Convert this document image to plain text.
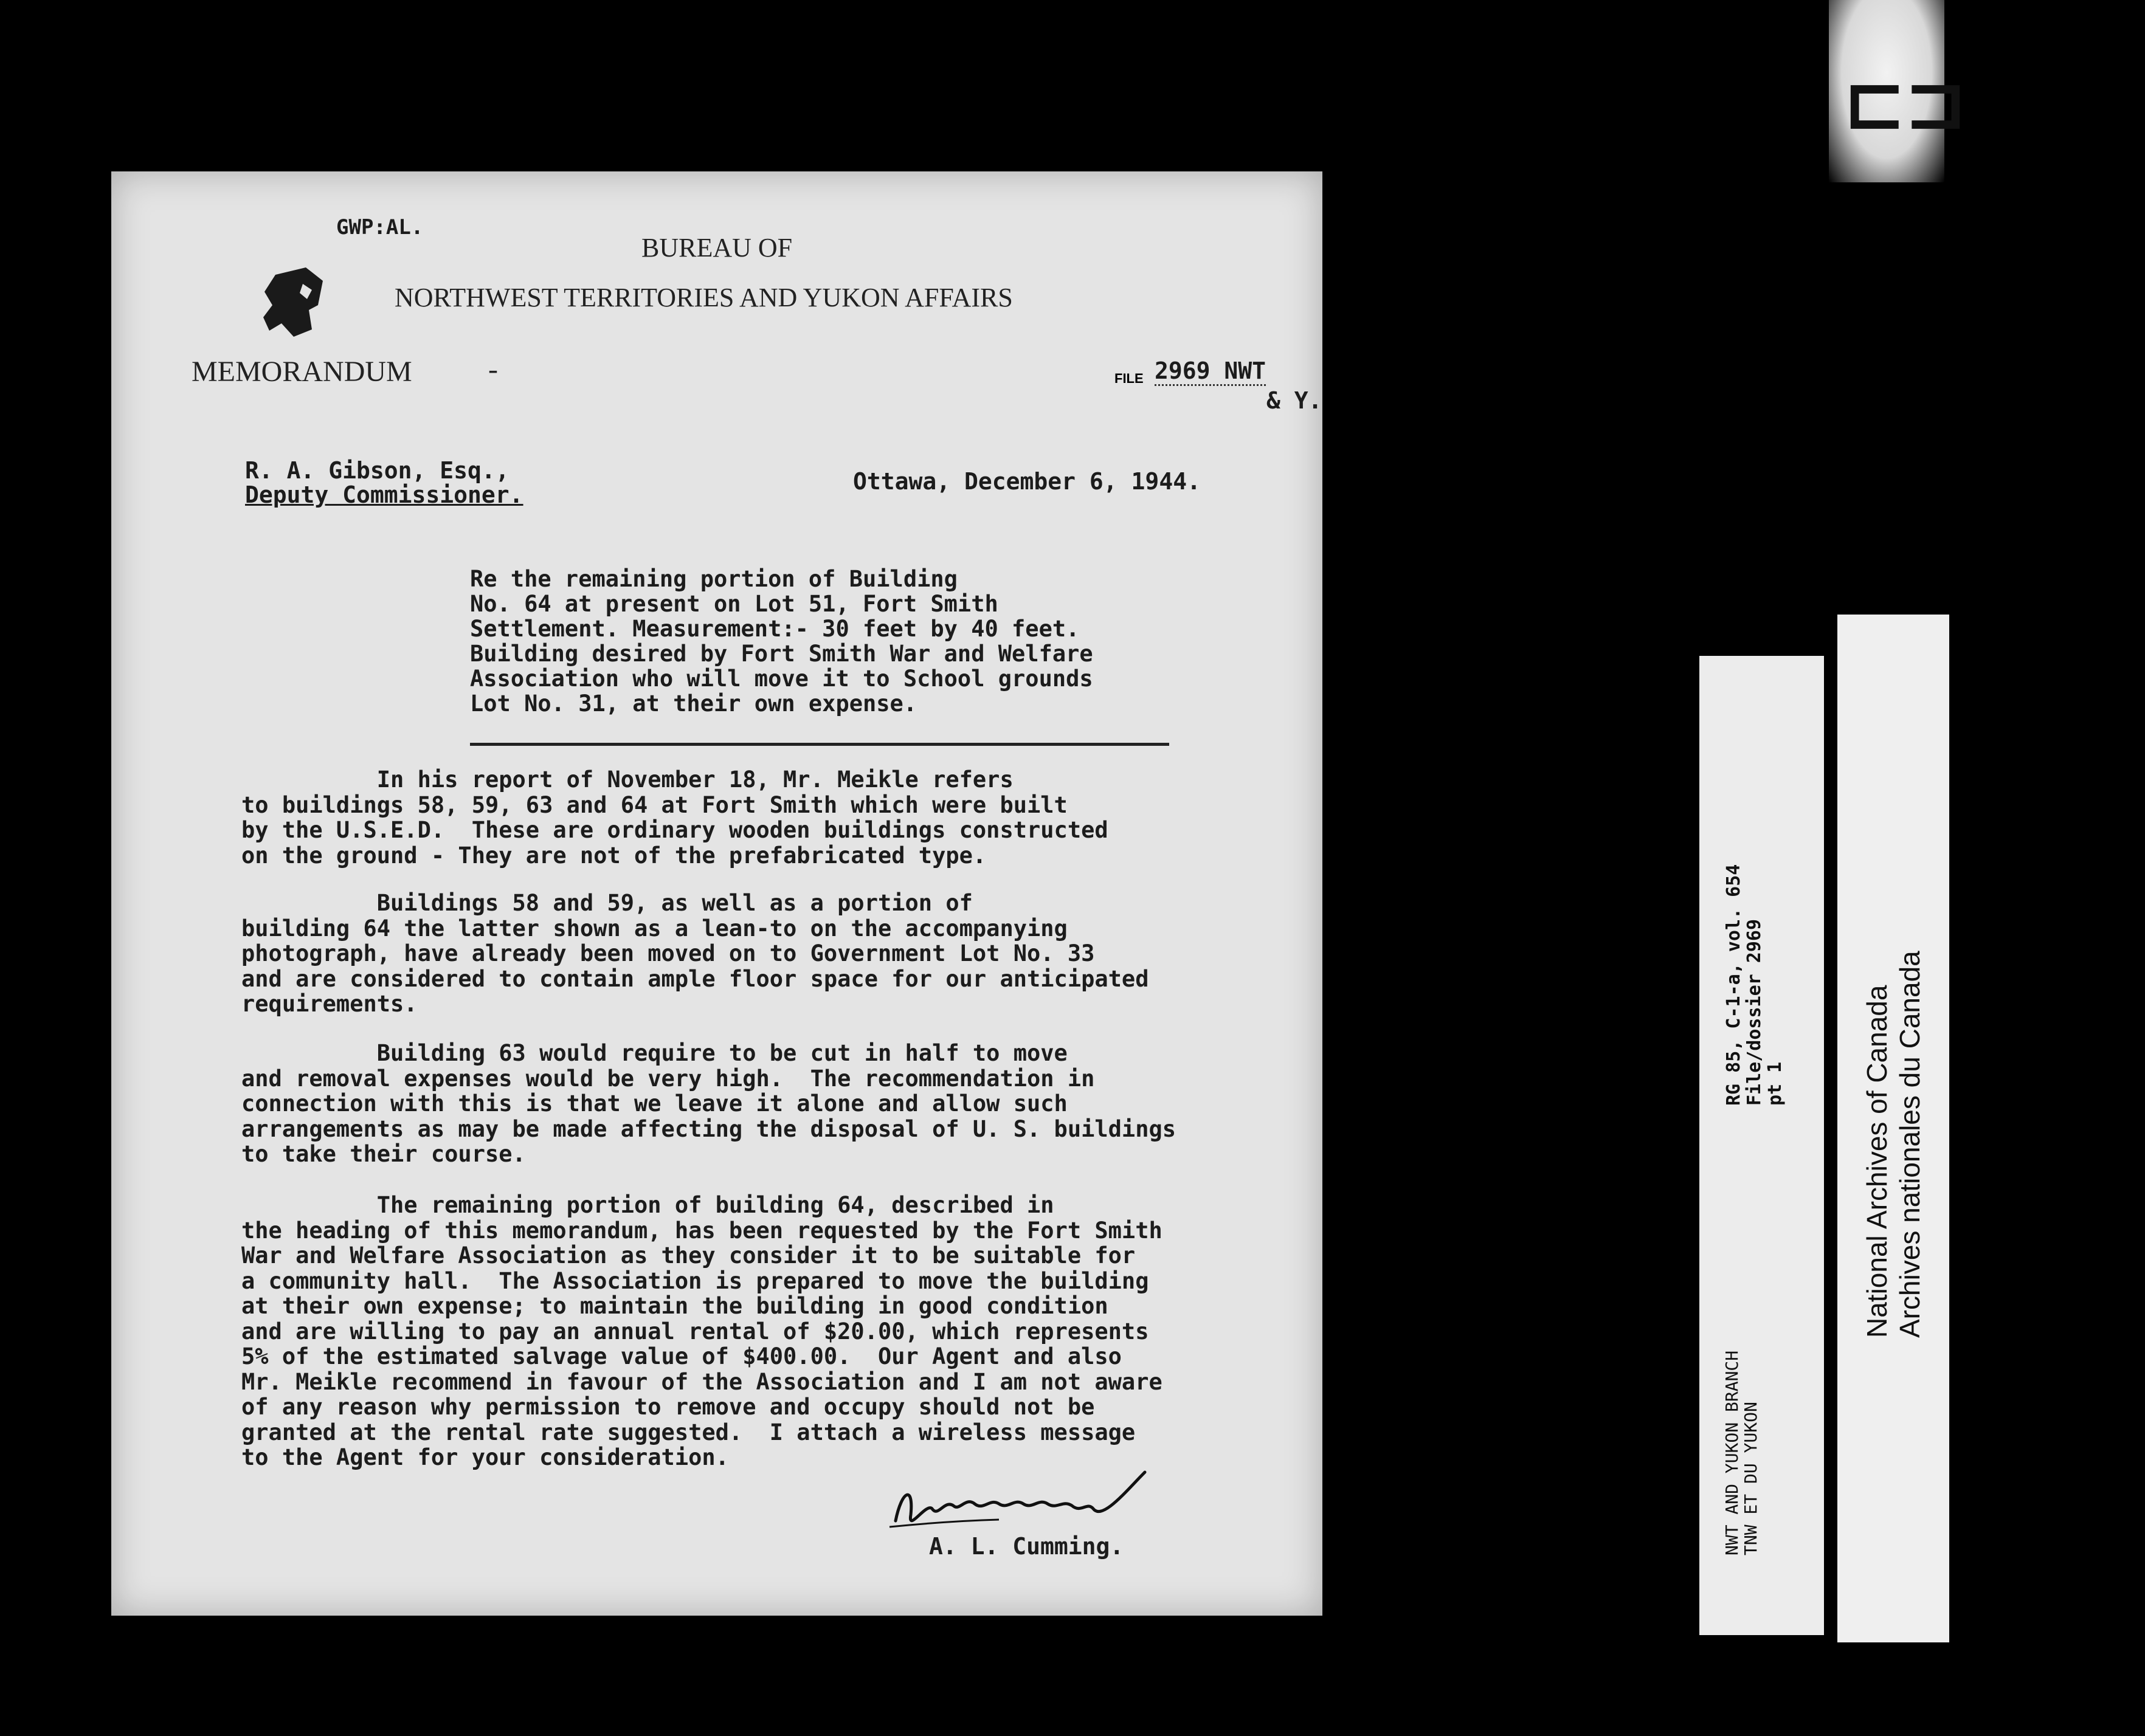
⊏⊐
GWP:AL.
BUREAU OF
NORTHWEST TERRITORIES AND YUKON AFFAIRS
MEMORANDUM	-	FILE 2969 NWT
& Y.
R. A. Gibson, Esq.,
Deputy Commissioner.	Ottawa, December 6, 1944.
Re the remaining portion of Building
No. 64 at present on Lot 51, Fort Smith
Settlement. Measurement:- 30 feet by 40 feet.
Building desired by Fort Smith War and Welfare
Association who will move it to School grounds
Lot No. 31, at their own expense.
In his report of November 18, Mr. Meikle refers
to buildings 58, 59, 63 and 64 at Fort Smith which were built
by the U.S.E.D.  These are ordinary wooden buildings constructed
on the ground - They are not of the prefabricated type.
Buildings 58 and 59, as well as a portion of
building 64 the latter shown as a lean-to on the accompanying
photograph, have already been moved on to Government Lot No. 33
and are considered to contain ample floor space for our anticipated
requirements.
Building 63 would require to be cut in half to move
and removal expenses would be very high.  The recommendation in
connection with this is that we leave it alone and allow such
arrangements as may be made affecting the disposal of U. S. buildings
to take their course.
The remaining portion of building 64, described in
the heading of this memorandum, has been requested by the Fort Smith
War and Welfare Association as they consider it to be suitable for
a community hall.  The Association is prepared to move the building
at their own expense; to maintain the building in good condition
and are willing to pay an annual rental of $20.00, which represents
5% of the estimated salvage value of $400.00.  Our Agent and also
Mr. Meikle recommend in favour of the Association and I am not aware
of any reason why permission to remove and occupy should not be
granted at the rental rate suggested.  I attach a wireless message
to the Agent for your consideration.
A. L. Cumming.
RG 85, C-1-a, vol. 654
File/dossier 2969
pt 1
NWT AND YUKON BRANCH
TNW ET DU YUKON
National Archives of Canada
Archives nationales du Canada
